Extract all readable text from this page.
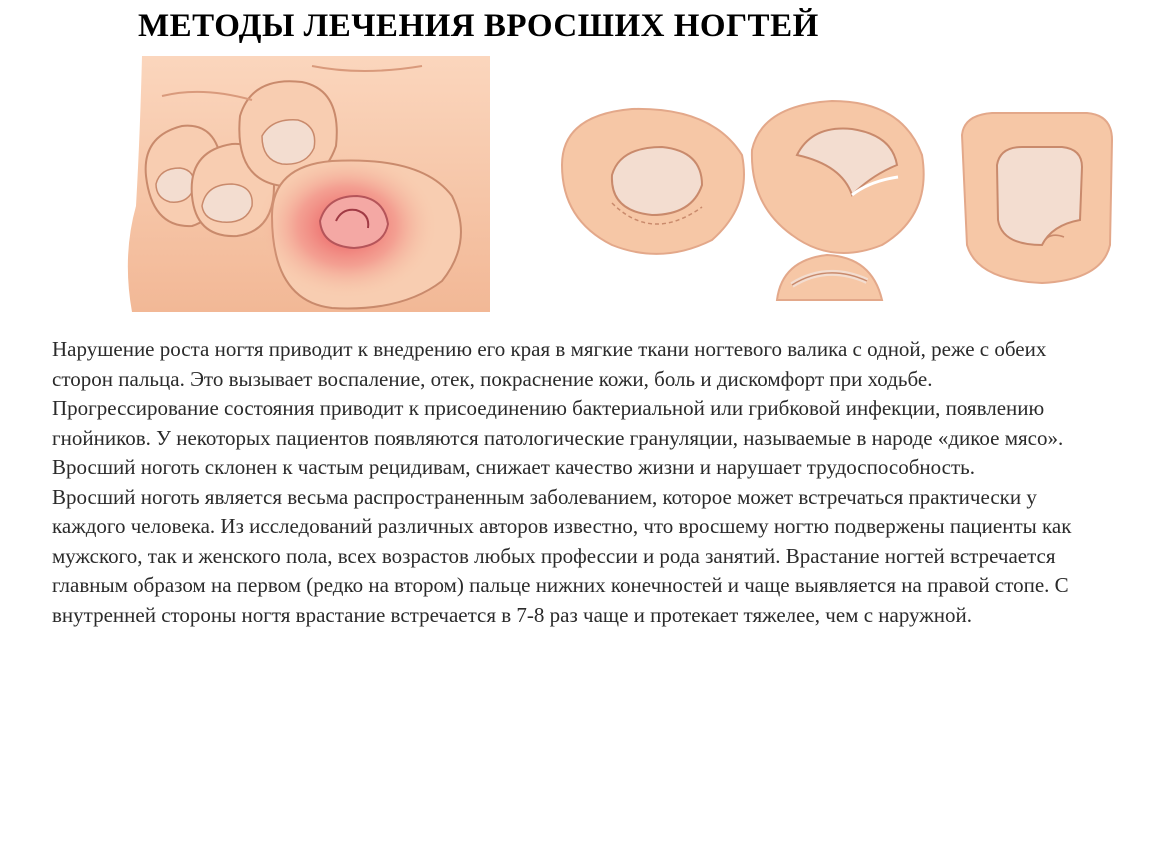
МЕТОДЫ ЛЕЧЕНИЯ ВРОСШИХ НОГТЕЙ

Нарушение роста ногтя приводит к внедрению его края в мягкие ткани ногтевого валика с одной, реже с обеих сторон пальца. Это вызывает воспаление, отек, покраснение кожи, боль и дискомфорт при ходьбе. Прогрессирование состояния приводит к присоединению бактериальной или грибковой инфекции, появлению гнойников. У некоторых пациентов появляются патологические грануляции, называемые в народе «дикое мясо». Вросший ноготь склонен к частым рецидивам, снижает качество жизни и нарушает трудоспособность.

Вросший ноготь является весьма распространенным заболеванием, которое может встречаться практически у каждого человека. Из исследований различных авторов известно, что вросшему ногтю подвержены пациенты как мужского, так и женского пола, всех возрастов любых профессии и рода занятий. Врастание ногтей встречается главным образом на первом (редко на втором) пальце нижних конечностей и чаще выявляется на правой стопе. С внутренней стороны ногтя врастание встречается в 7-8 раз чаще и протекает тяжелее, чем с наружной.
